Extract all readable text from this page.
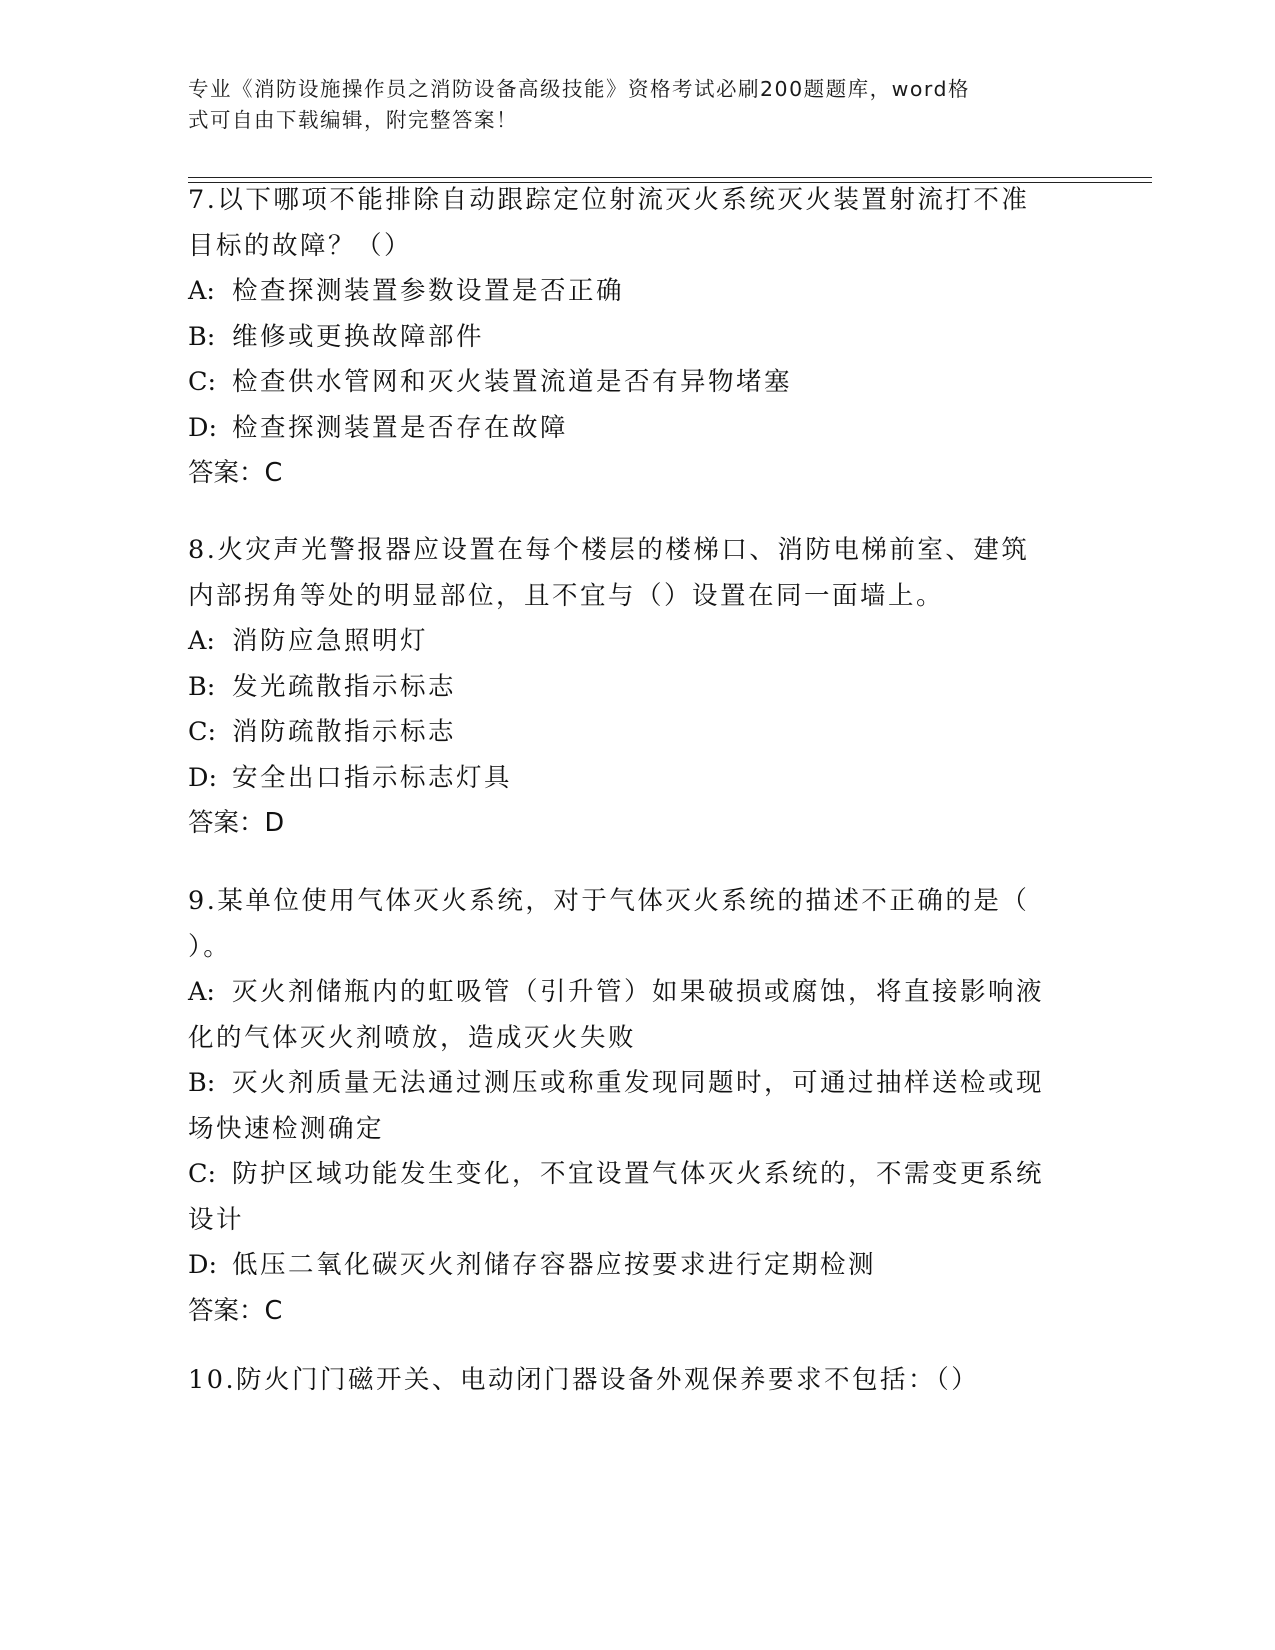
专业《消防设施操作员之消防设备高级技能》资格考试必刷200题题库，word格
式可自由下载编辑，附完整答案！
7.以下哪项不能排除自动跟踪定位射流灭火系统灭火装置射流打不准
目标的故障？（）
A: 检查探测装置参数设置是否正确
B: 维修或更换故障部件
C: 检查供水管网和灭火装置流道是否有异物堵塞
D: 检查探测装置是否存在故障
答案：C
8.火灾声光警报器应设置在每个楼层的楼梯口、消防电梯前室、建筑
内部拐角等处的明显部位，且不宜与（）设置在同一面墙上。
A: 消防应急照明灯
B: 发光疏散指示标志
C: 消防疏散指示标志
D: 安全出口指示标志灯具
答案：D
9.某单位使用气体灭火系统，对于气体灭火系统的描述不正确的是（
）。
A: 灭火剂储瓶内的虹吸管（引升管）如果破损或腐蚀，将直接影响液
化的气体灭火剂喷放，造成灭火失败
B: 灭火剂质量无法通过测压或称重发现同题时，可通过抽样送检或现
场快速检测确定
C: 防护区域功能发生变化，不宜设置气体灭火系统的，不需变更系统
设计
D: 低压二氧化碳灭火剂储存容器应按要求进行定期检测
答案：C
10.防火门门磁开关、电动闭门器设备外观保养要求不包括：（）
